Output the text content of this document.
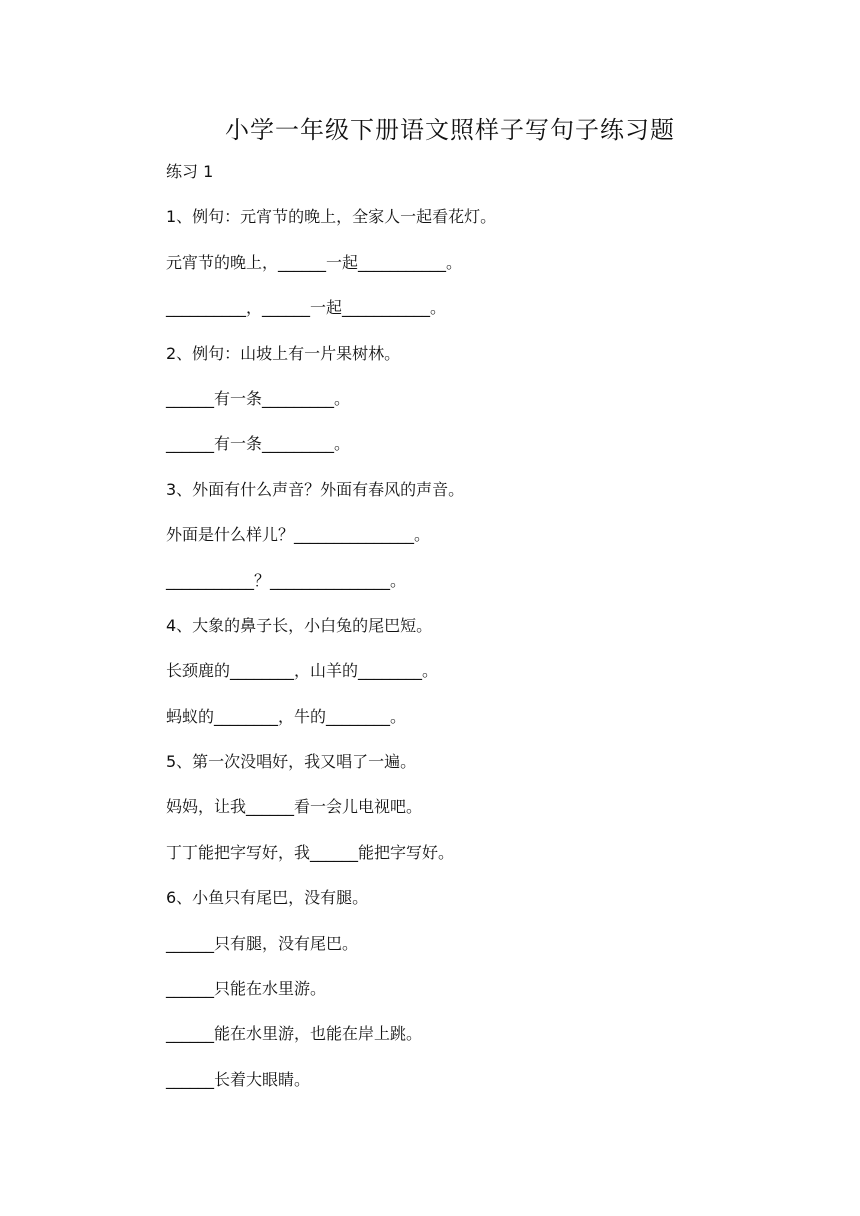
小学一年级下册语文照样子写句子练习题
练习 1
1、例句：元宵节的晚上，全家人一起看花灯。
元宵节的晚上，______一起___________。
__________，______一起___________。
2、例句：山坡上有一片果树林。
______有一条_________。
______有一条_________。
3、外面有什么声音？外面有春风的声音。
外面是什么样儿？_______________。
___________？_______________。
4、大象的鼻子长，小白兔的尾巴短。
长颈鹿的________，山羊的________。
蚂蚁的________，牛的________。
5、第一次没唱好，我又唱了一遍。
妈妈，让我______看一会儿电视吧。
丁丁能把字写好，我______能把字写好。
6、小鱼只有尾巴，没有腿。
______只有腿，没有尾巴。
______只能在水里游。
______能在水里游，也能在岸上跳。
______长着大眼睛。
